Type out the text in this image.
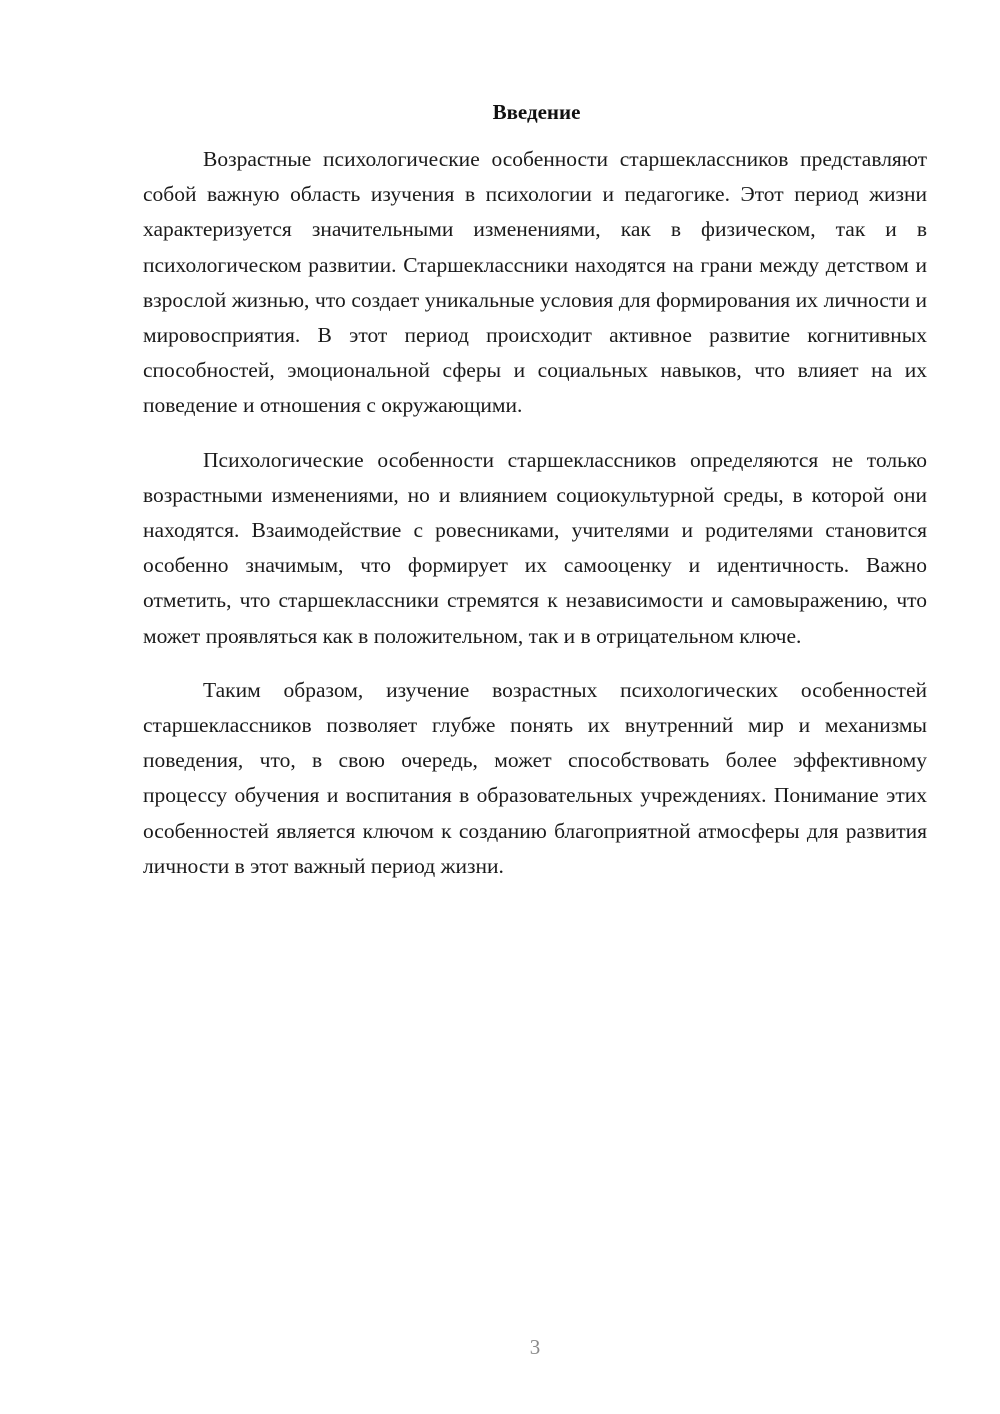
Введение

Возрастные психологические особенности старшеклассников представляют собой важную область изучения в психологии и педагогике. Этот период жизни характеризуется значительными изменениями, как в физическом, так и в психологическом развитии. Старшеклассники находятся на грани между детством и взрослой жизнью, что создает уникальные условия для формирования их личности и мировосприятия. В этот период происходит активное развитие когнитивных способностей, эмоциональной сферы и социальных навыков, что влияет на их поведение и отношения с окружающими.

Психологические особенности старшеклассников определяются не только возрастными изменениями, но и влиянием социокультурной среды, в которой они находятся. Взаимодействие с ровесниками, учителями и родителями становится особенно значимым, что формирует их самооценку и идентичность. Важно отметить, что старшеклассники стремятся к независимости и самовыражению, что может проявляться как в положительном, так и в отрицательном ключе.

Таким образом, изучение возрастных психологических особенностей старшеклассников позволяет глубже понять их внутренний мир и механизмы поведения, что, в свою очередь, может способствовать более эффективному процессу обучения и воспитания в образовательных учреждениях. Понимание этих особенностей является ключом к созданию благоприятной атмосферы для развития личности в этот важный период жизни.

3
